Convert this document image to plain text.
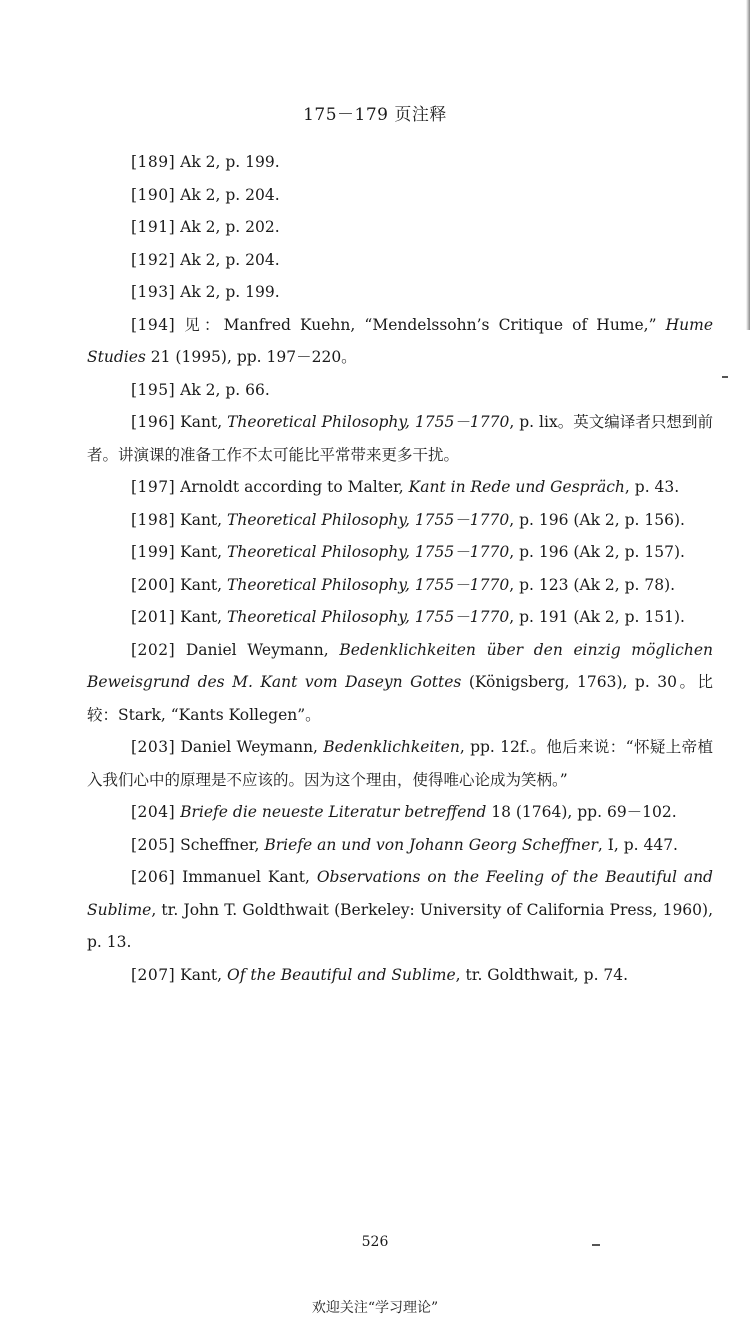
175－179 页注释

[189] Ak 2, p. 199.

[190] Ak 2, p. 204.

[191] Ak 2, p. 202.

[192] Ak 2, p. 204.

[193] Ak 2, p. 199.

[194] 见：Manfred Kuehn, “Mendelssohn’s Critique of Hume,” Hume Studies 21 (1995), pp. 197－220。

[195] Ak 2, p. 66.

[196] Kant, Theoretical Philosophy, 1755－1770, p. lix。英文编译者只想到前者。讲演课的准备工作不太可能比平常带来更多干扰。

[197] Arnoldt according to Malter, Kant in Rede und Gespräch, p. 43.

[198] Kant, Theoretical Philosophy, 1755－1770, p. 196 (Ak 2, p. 156).

[199] Kant, Theoretical Philosophy, 1755－1770, p. 196 (Ak 2, p. 157).

[200] Kant, Theoretical Philosophy, 1755－1770, p. 123 (Ak 2, p. 78).

[201] Kant, Theoretical Philosophy, 1755－1770, p. 191 (Ak 2, p. 151).

[202] Daniel Weymann, Bedenklichkeiten über den einzig möglichen Beweisgrund des M. Kant vom Daseyn Gottes (Königsberg, 1763), p. 30。比较：Stark, “Kants Kollegen”。

[203] Daniel Weymann, Bedenklichkeiten, pp. 12f.。他后来说：“怀疑上帝植入我们心中的原理是不应该的。因为这个理由，使得唯心论成为笑柄。”

[204] Briefe die neueste Literatur betreffend 18 (1764), pp. 69－102.

[205] Scheffner, Briefe an und von Johann Georg Scheffner, I, p. 447.

[206] Immanuel Kant, Observations on the Feeling of the Beautiful and Sublime, tr. John T. Goldthwait (Berkeley: University of California Press, 1960), p. 13.

[207] Kant, Of the Beautiful and Sublime, tr. Goldthwait, p. 74.

526
欢迎关注“学习理论”
